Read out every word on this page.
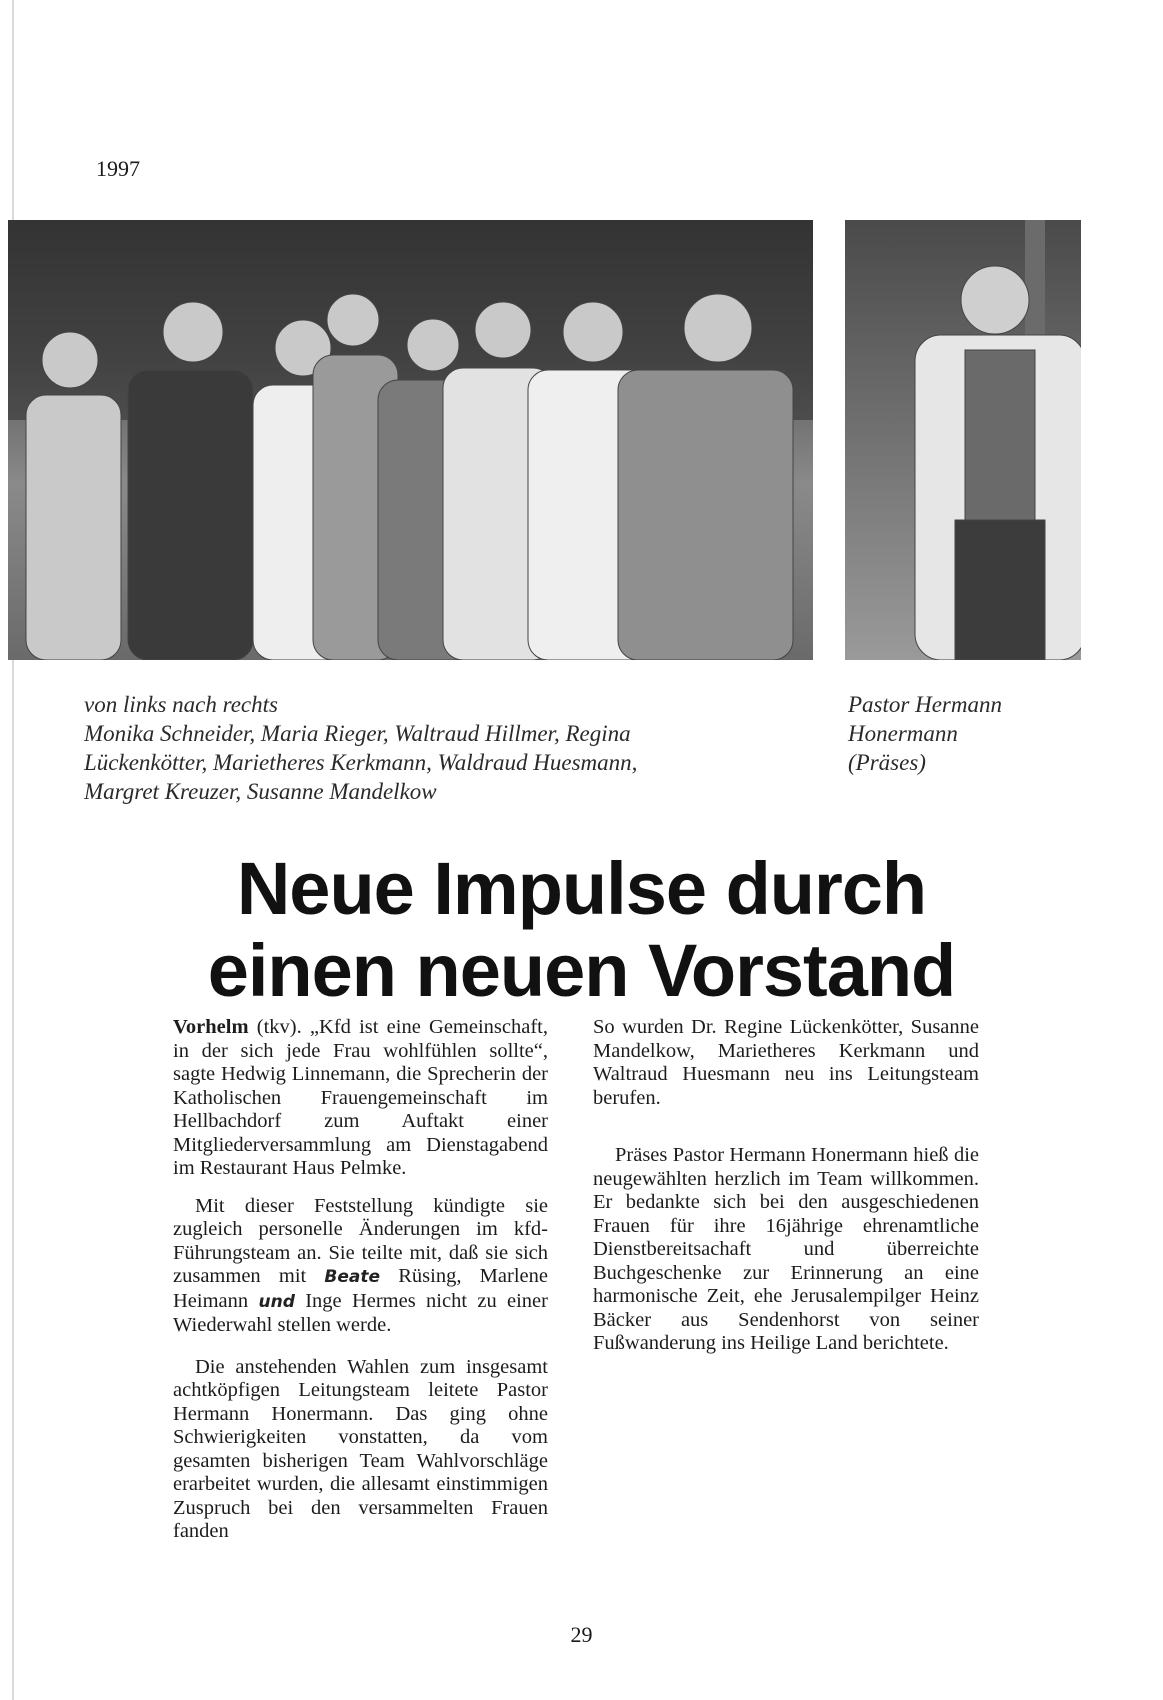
1997

von links nach rechts

Monika Schneider, Maria Rieger, Waltraud Hillmer, Regina

Lückenkötter, Marietheres Kerkmann, Waldraud Huesmann,

Margret Kreuzer, Susanne Mandelkow

Pastor Hermann

Honermann

(Präses)

Neue Impulse durch
einen neuen Vorstand

Vorhelm (tkv). „Kfd ist eine Gemeinschaft, in der sich jede Frau wohlfühlen sollte“, sagte Hedwig Linnemann, die Sprecherin der Katholischen Frauengemeinschaft im Hellbachdorf zum Auftakt einer Mitgliederversammlung am Dienstagabend im Restaurant Haus Pelmke.

Mit dieser Feststellung kündigte sie zugleich personelle Änderungen im kfd-Führungsteam an. Sie teilte mit, daß sie sich zusammen mit Beate Rüsing, Marlene Heimann und Inge Hermes nicht zu einer Wiederwahl stellen werde.

Die anstehenden Wahlen zum insgesamt achtköpfigen Leitungsteam leitete Pastor Hermann Honermann. Das ging ohne Schwierigkeiten vonstatten, da vom gesamten bisherigen Team Wahlvorschläge erarbeitet wurden, die allesamt einstimmigen Zuspruch bei den versammelten Frauen fanden

So wurden Dr. Regine Lückenkötter, Susanne Mandelkow, Marietheres Kerkmann und Waltraud Huesmann neu ins Leitungsteam berufen.

Präses Pastor Hermann Honermann hieß die neugewählten herzlich im Team willkommen. Er bedankte sich bei den ausgeschiedenen Frauen für ihre 16jährige ehrenamtliche Dienstbereitsachaft und überreichte Buchgeschenke zur Erinnerung an eine harmonische Zeit, ehe Jerusalempilger Heinz Bäcker aus Sendenhorst von seiner Fußwanderung ins Heilige Land berichtete.

29
